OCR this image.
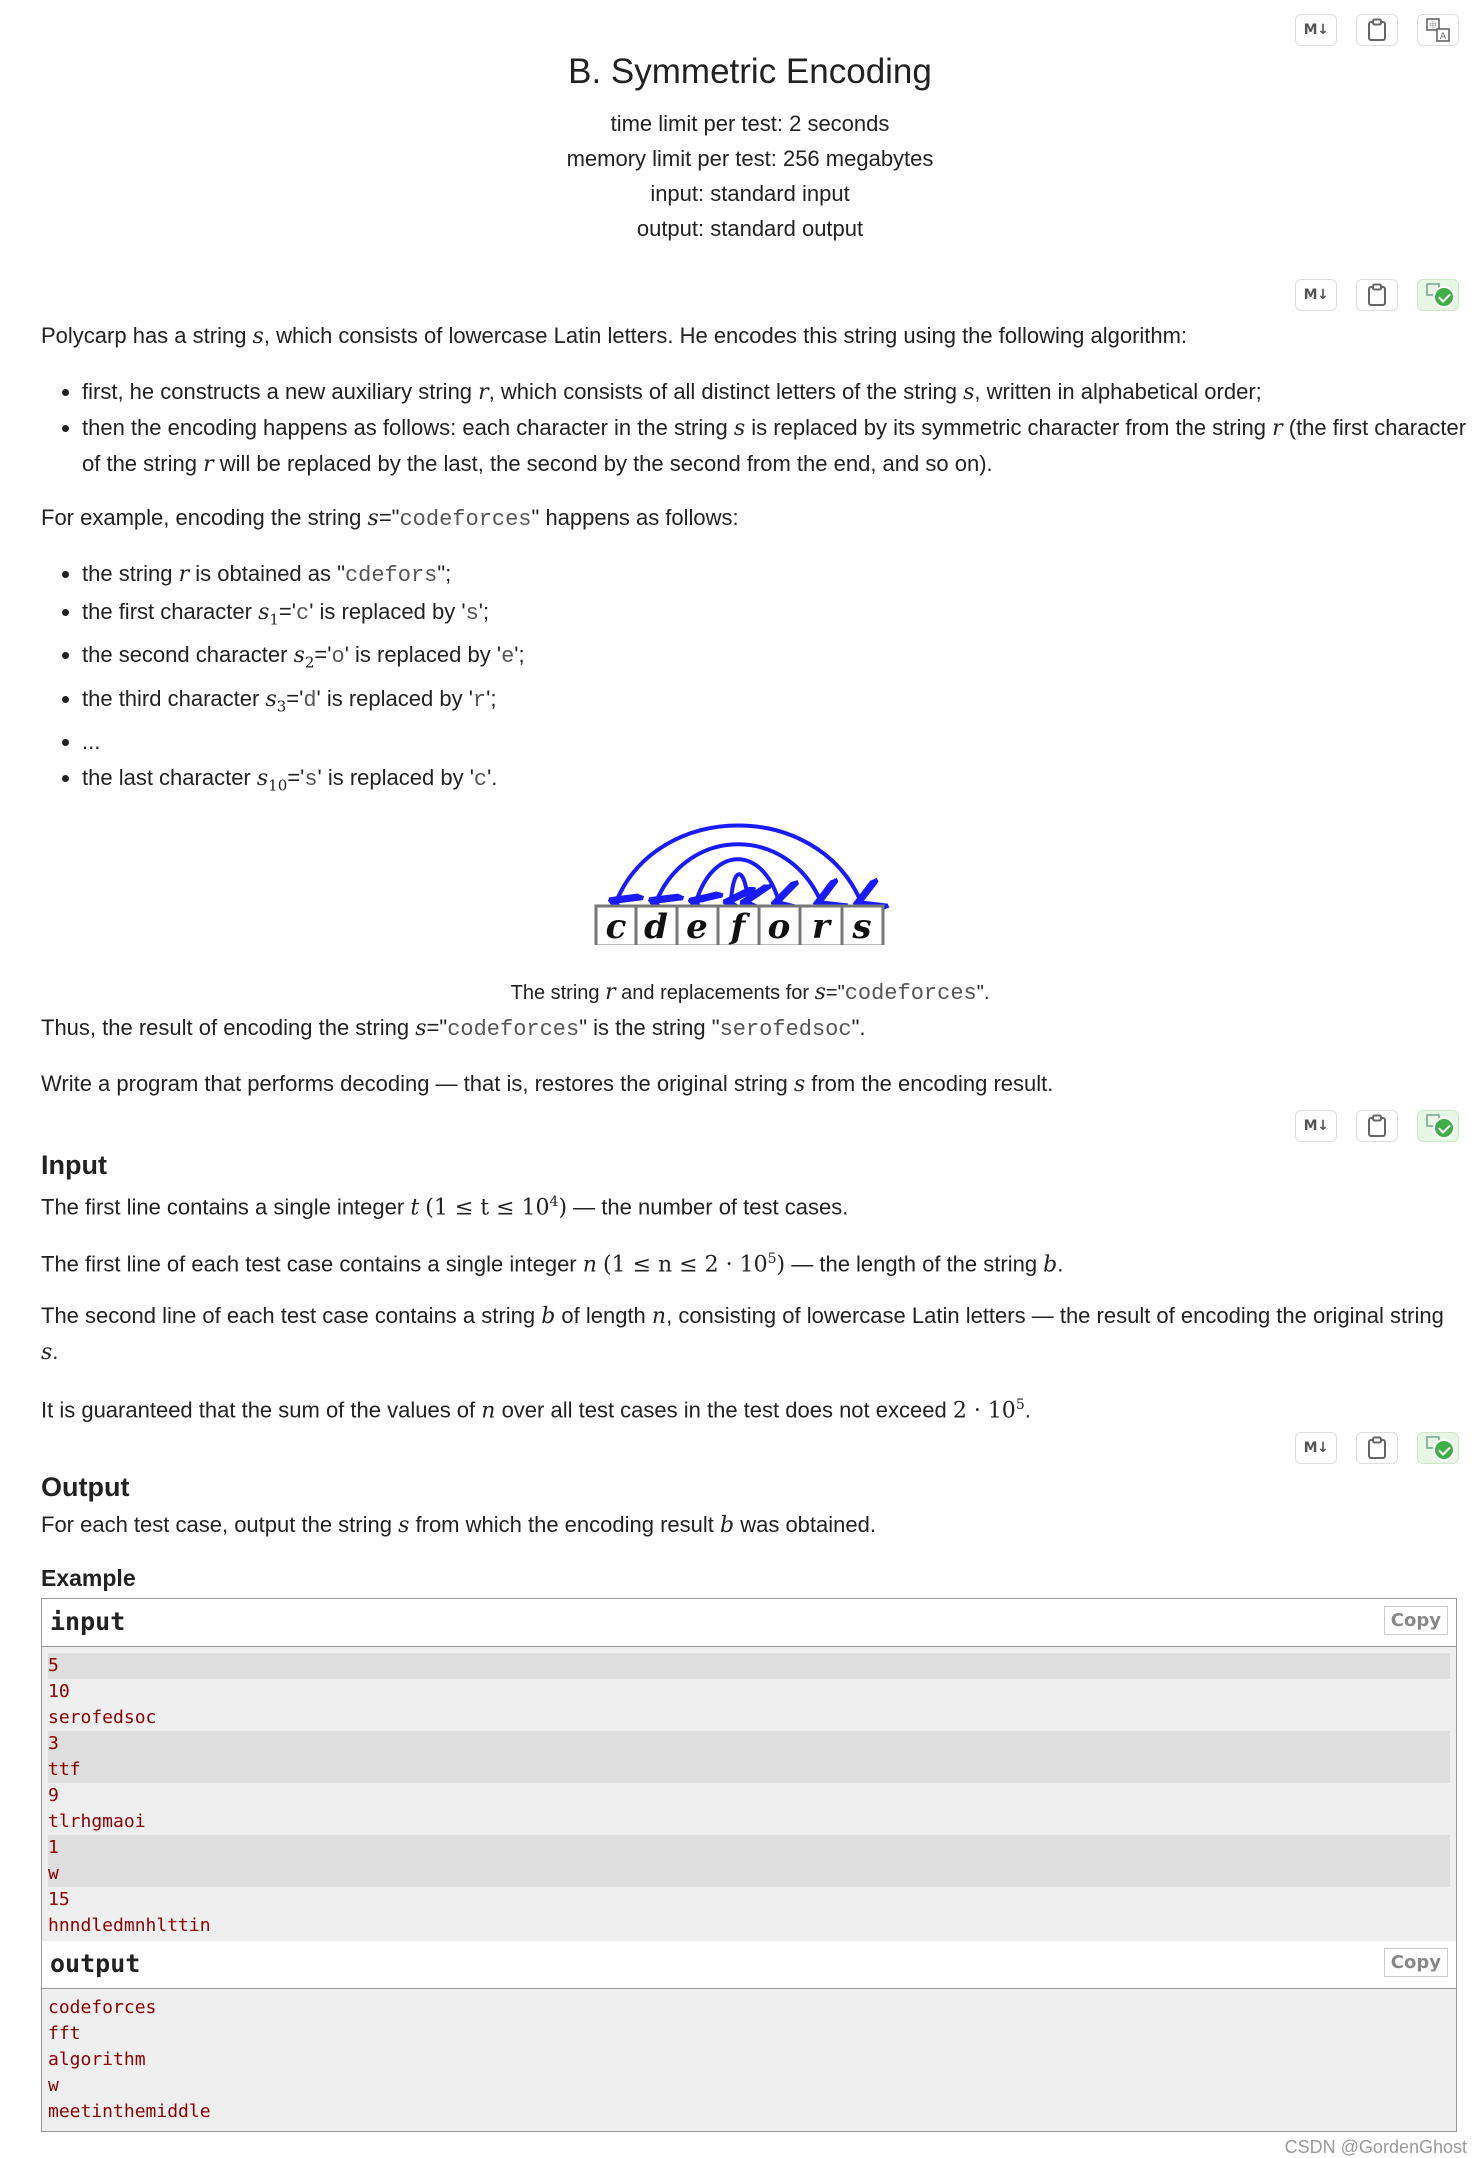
M↓	中
A
M↓
M↓
M↓
B. Symmetric Encoding
time limit per test: 2 seconds
memory limit per test: 256 megabytes
input: standard input
output: standard output

Polycarp has a string s, which consists of lowercase Latin letters. He encodes this string using the following algorithm:

• first, he constructs a new auxiliary string r, which consists of all distinct letters of the string s, written in alphabetical order;
• then the encoding happens as follows: each character in the string s is replaced by its symmetric character from the string r (the first character of the string r will be replaced by the last, the second by the second from the end, and so on).

For example, encoding the string s="codeforces" happens as follows:

• the string r is obtained as "cdefors";
• the first character $s_1='c'$ is replaced by 's';
• the second character $s_2='o'$ is replaced by 'e';
• the third character $s_3='d'$ is replaced by 'r';
• ...
• the last character $s_{10}='s'$ is replaced by 'c'.
c d e f o r s
The string r and replacements for s="codeforces".

Thus, the result of encoding the string s="codeforces" is the string "serofedsoc".

Write a program that performs decoding — that is, restores the original string s from the encoding result.

Input

The first line contains a single integer t $(1 \le t \le 10^4)$ — the number of test cases.

The first line of each test case contains a single integer n $(1 \le n \le 2 \cdot 10^5)$ — the length of the string b.

The second line of each test case contains a string b of length n, consisting of lowercase Latin letters — the result of encoding the original string s.

It is guaranteed that the sum of the values of n over all test cases in the test does not exceed $2 \cdot 10^5$.

Output

For each test case, output the string s from which the encoding result b was obtained.

Example
input	Copy
5
10
serofedsoc
3
ttf
9
tlrhgmaoi
1
w
15
hnndledmnhlttin
output	Copy
codeforces
fft
algorithm
w
meetinthemiddle
CSDN @GordenGhost
